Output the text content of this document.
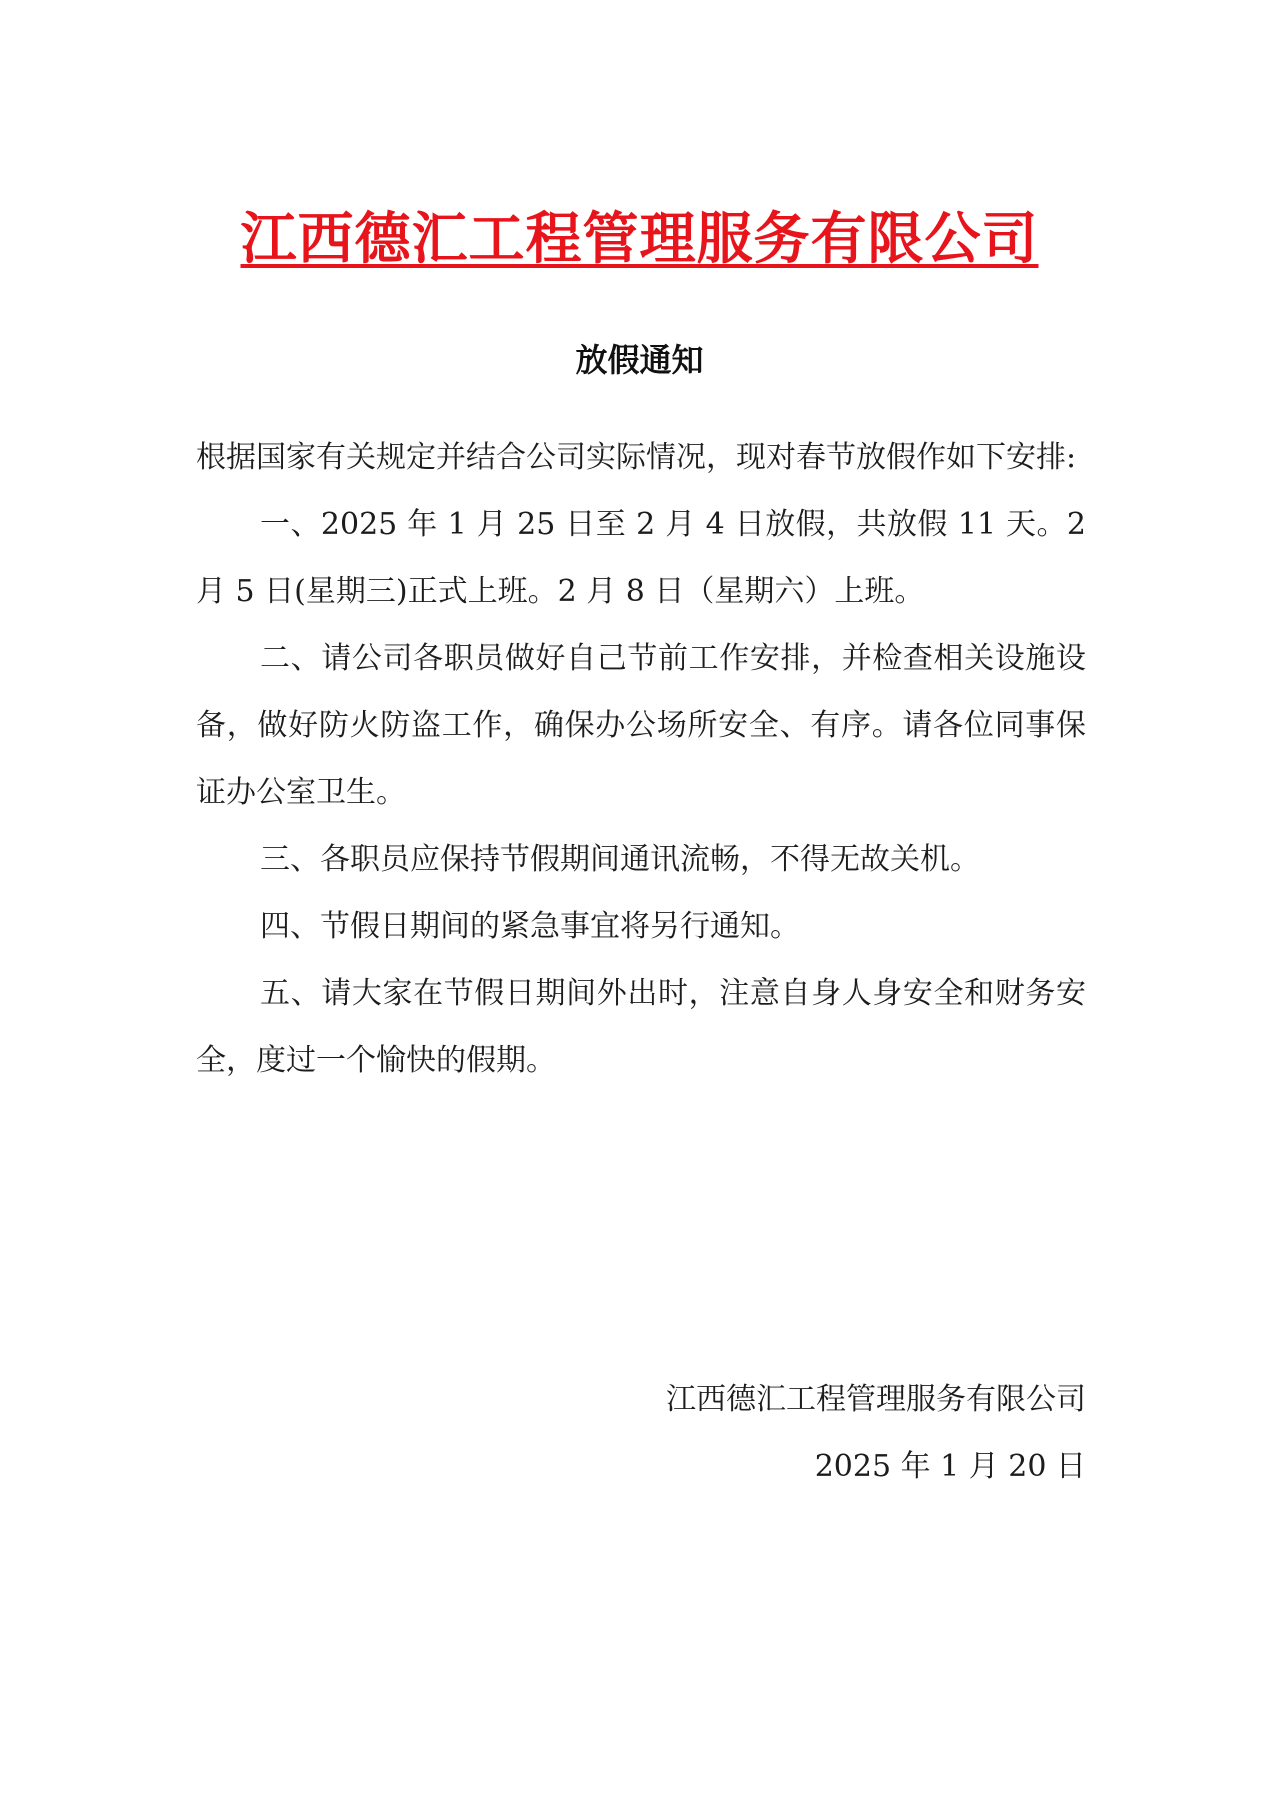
江西德汇工程管理服务有限公司
放假通知

根据国家有关规定并结合公司实际情况，现对春节放假作如下安排:

一、2025 年 1 月 25 日至 2 月 4 日放假，共放假 11 天。2 月 5 日(星期三)正式上班。2 月 8 日（星期六）上班。

二、请公司各职员做好自己节前工作安排，并检查相关设施设备，做好防火防盗工作，确保办公场所安全、有序。请各位同事保证办公室卫生。

三、各职员应保持节假期间通讯流畅，不得无故关机。

四、节假日期间的紧急事宜将另行通知。

五、请大家在节假日期间外出时，注意自身人身安全和财务安全，度过一个愉快的假期。

江西德汇工程管理服务有限公司
2025 年 1 月 20 日
